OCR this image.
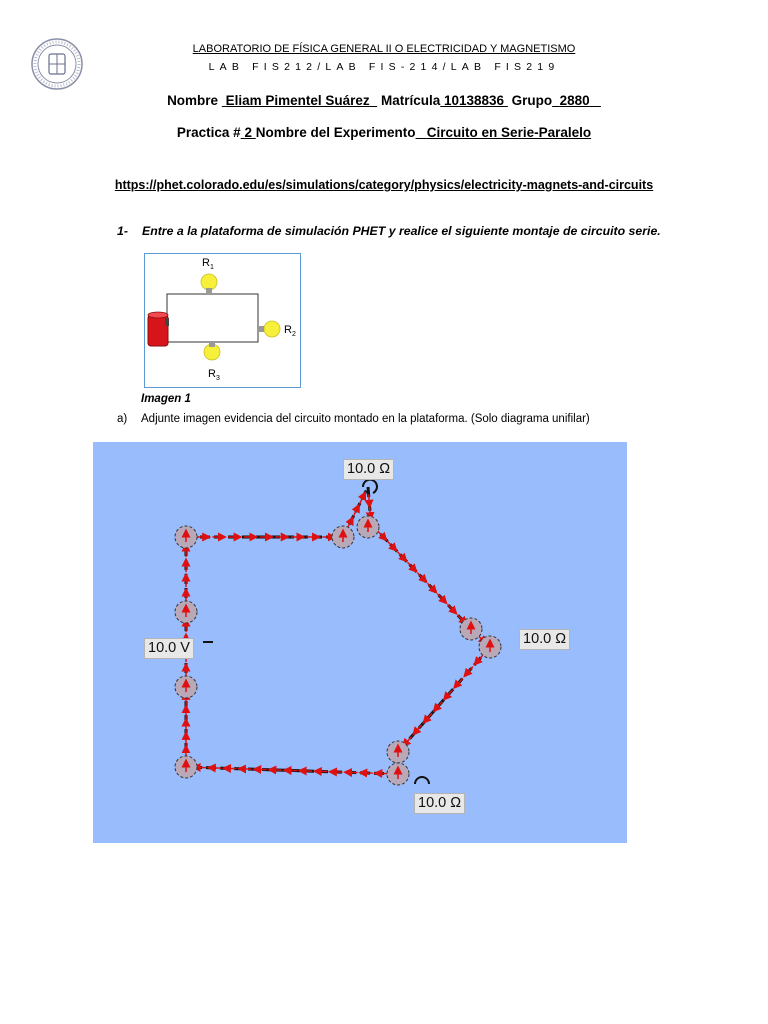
LABORATORIO DE FÍSICA GENERAL II O ELECTRICIDAD Y MAGNETISMO
LAB FIS212/LAB FIS-214/LAB FIS219
Nombre Eliam Pimentel Suárez Matrícula 10138836 Grupo 2880
Practica # 2 Nombre del Experimento Circuito en Serie-Paralelo
https://phet.colorado.edu/es/simulations/category/physics/electricity-magnets-and-circuits
1- Entre a la plataforma de simulación PHET y realice el siguiente montaje de circuito serie.
$R_1$
$R_2$
$R_3$
Imagen 1
a) Adjunte imagen evidencia del circuito montado en la plataforma. (Solo diagrama unifilar)
10.0 V
10.0 Ω
10.0 Ω
10.0 Ω
